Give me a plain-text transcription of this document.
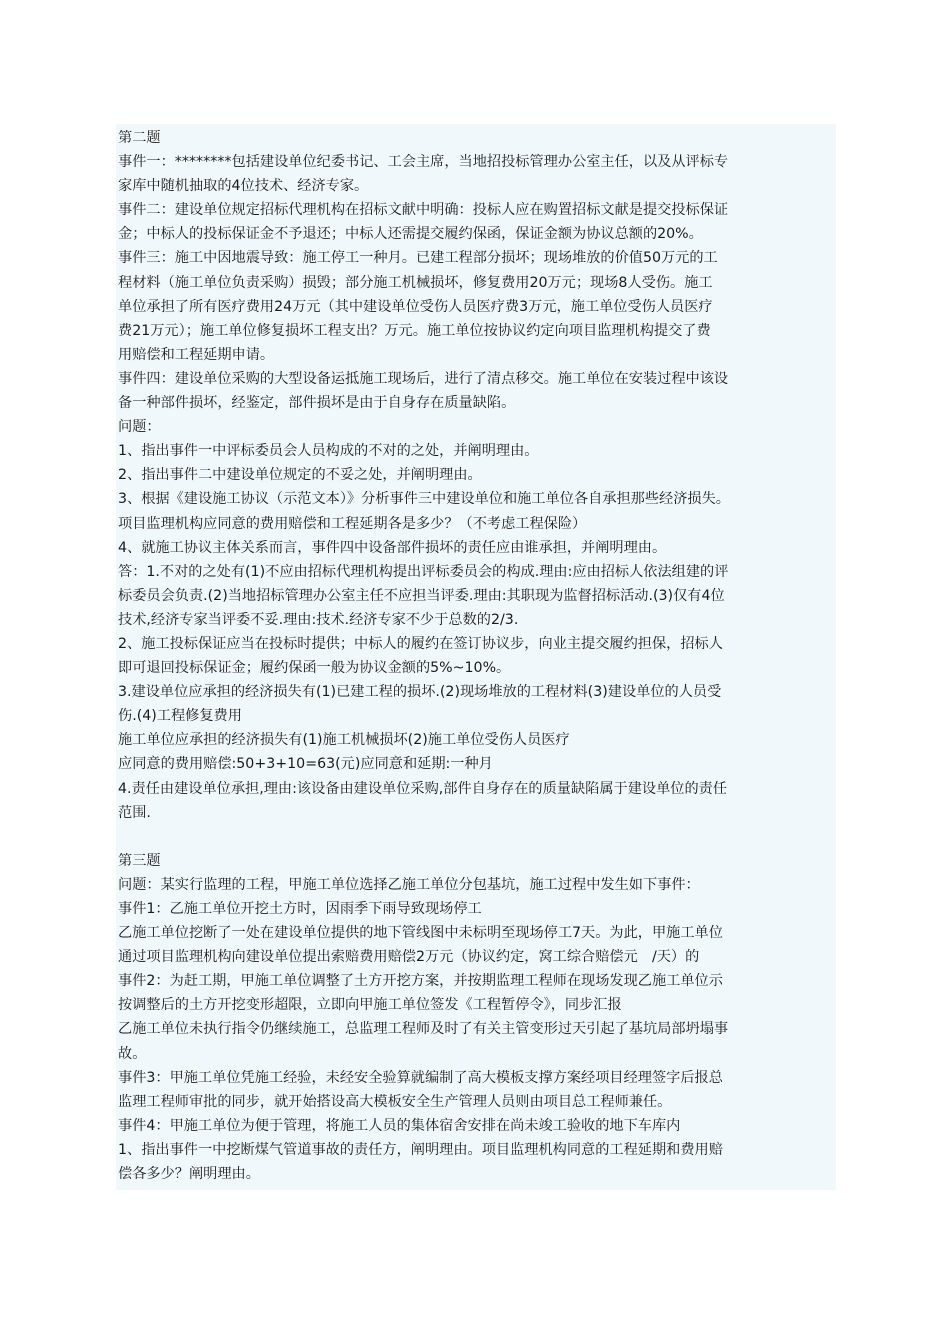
第二题
事件一：********包括建设单位纪委书记、工会主席，当地招投标管理办公室主任，以及从评标专
家库中随机抽取的4位技术、经济专家。
事件二：建设单位规定招标代理机构在招标文献中明确：投标人应在购置招标文献是提交投标保证
金；中标人的投标保证金不予退还；中标人还需提交履约保函，保证金额为协议总额的20%。
事件三：施工中因地震导致：施工停工一种月。已建工程部分损坏；现场堆放的价值50万元的工
程材料（施工单位负责采购）损毁；部分施工机械损坏，修复费用20万元；现场8人受伤。施工
单位承担了所有医疗费用24万元（其中建设单位受伤人员医疗费3万元，施工单位受伤人员医疗
费21万元）；施工单位修复损坏工程支出？万元。施工单位按协议约定向项目监理机构提交了费
用赔偿和工程延期申请。
事件四：建设单位采购的大型设备运抵施工现场后，进行了清点移交。施工单位在安装过程中该设
备一种部件损坏，经鉴定，部件损坏是由于自身存在质量缺陷。
问题：
1、指出事件一中评标委员会人员构成的不对的之处，并阐明理由。
2、指出事件二中建设单位规定的不妥之处，并阐明理由。
3、根据《建设施工协议（示范文本）》分析事件三中建设单位和施工单位各自承担那些经济损失。
项目监理机构应同意的费用赔偿和工程延期各是多少？（不考虑工程保险）
4、就施工协议主体关系而言，事件四中设备部件损坏的责任应由谁承担，并阐明理由。
答：1.不对的之处有(1)不应由招标代理机构提出评标委员会的构成.理由:应由招标人依法组建的评
标委员会负责.(2)当地招标管理办公室主任不应担当评委.理由:其职现为监督招标活动.(3)仅有4位
技术,经济专家当评委不妥.理由:技术.经济专家不少于总数的2/3.
2、施工投标保证应当在投标时提供；中标人的履约在签订协议步，向业主提交履约担保，招标人
即可退回投标保证金；履约保函一般为协议金额的5%~10%。
3.建设单位应承担的经济损失有(1)已建工程的损坏.(2)现场堆放的工程材料(3)建设单位的人员受
伤.(4)工程修复费用
施工单位应承担的经济损失有(1)施工机械损坏(2)施工单位受伤人员医疗
应同意的费用赔偿:50+3+10=63(元)应同意和延期:一种月
4.责任由建设单位承担,理由:该设备由建设单位采购,部件自身存在的质量缺陷属于建设单位的责任
范围.
第三题
问题：某实行监理的工程，甲施工单位选择乙施工单位分包基坑，施工过程中发生如下事件：
事件1：乙施工单位开挖土方时，因雨季下雨导致现场停工
乙施工单位挖断了一处在建设单位提供的地下管线图中未标明至现场停工7天。为此，甲施工单位
通过项目监理机构向建设单位提出索赔费用赔偿2万元（协议约定，窝工综合赔偿元　/天）的
事件2：为赶工期，甲施工单位调整了土方开挖方案，并按期监理工程师在现场发现乙施工单位示
按调整后的土方开挖变形超限，立即向甲施工单位签发《工程暂停令》，同步汇报
乙施工单位未执行指令仍继续施工，总监理工程师及时了有关主管变形过天引起了基坑局部坍塌事
故。
事件3：甲施工单位凭施工经验，未经安全验算就编制了高大模板支撑方案经项目经理签字后报总
监理工程师审批的同步，就开始搭设高大模板安全生产管理人员则由项目总工程师兼任。
事件4：甲施工单位为便于管理，将施工人员的集体宿舍安排在尚未竣工验收的地下车库内
1、指出事件一中挖断煤气管道事故的责任方，阐明理由。项目监理机构同意的工程延期和费用赔
偿各多少？阐明理由。
